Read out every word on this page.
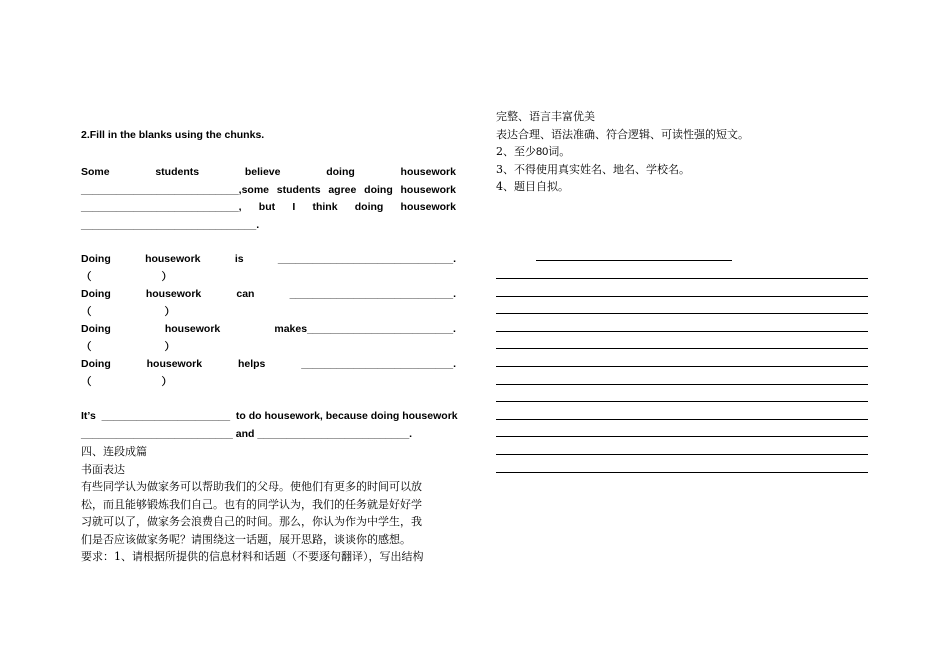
2.Fill in the blanks using the chunks.

Some	students	believe	doing	housework
___________________________,some students agree doing housework
___________________________, but I think doing housework
______________________________.
Doing	housework	is	______________________________.
（	）
Doing	housework	can	____________________________.
（	）
Doing	housework	makes_________________________.
（	）
Doing	housework	helps	__________________________.
（	）
It’s  ______________________  to do housework, because doing housework
__________________________ and __________________________.
四、连段成篇
书面表达
有些同学认为做家务可以帮助我们的父母。使他们有更多的时间可以放
松，而且能够锻炼我们自己。也有的同学认为，我们的任务就是好好学
习就可以了，做家务会浪费自己的时间。那么，你认为作为中学生，我
们是否应该做家务呢？请围绕这一话题，展开思路，谈谈你的感想。
要求：1、请根据所提供的信息材料和话题（不要逐句翻译），写出结构
完整、语言丰富优美
表达合理、语法准确、符合逻辑、可读性强的短文。
2、至少80词。
3、不得使用真实姓名、地名、学校名。
4、题目自拟。
